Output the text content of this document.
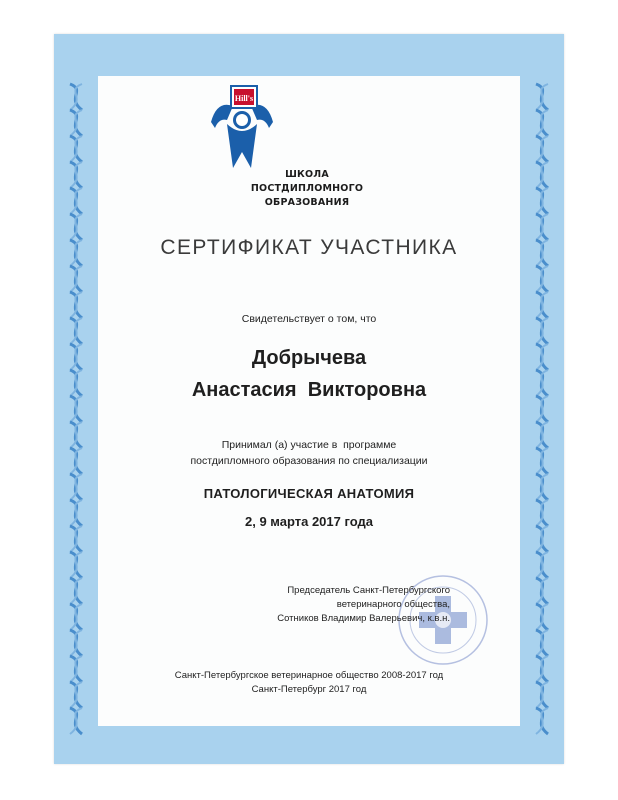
Hill's
ШКОЛА
ПОСТДИПЛОМНОГО
ОБРАЗОВАНИЯ
СЕРТИФИКАТ УЧАСТНИКА
Свидетельствует о том, что
Добрычева
Анастасия  Викторовна
Принимал (а) участие в  программе
постдипломного образования по специализации
ПАТОЛОГИЧЕСКАЯ АНАТОМИЯ
2, 9 марта 2017 года
Председатель Санкт-Петербургского
ветеринарного общества,
Сотников Владимир Валерьевич, к.в.н.
Санкт-Петербургское ветеринарное общество 2008-2017 год
Санкт-Петербург 2017 год
